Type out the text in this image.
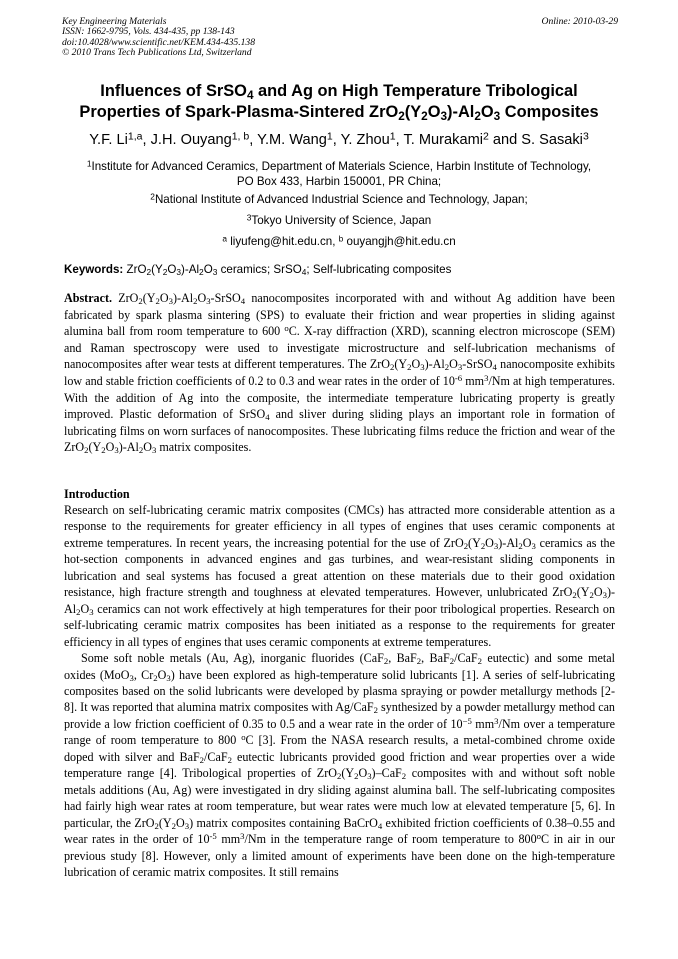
Key Engineering Materials
ISSN: 1662-9795, Vols. 434-435, pp 138-143
doi:10.4028/www.scientific.net/KEM.434-435.138
© 2010 Trans Tech Publications Ltd, Switzerland
Online: 2010-03-29
Influences of SrSO$_4$ and Ag on High Temperature Tribological
Properties of Spark-Plasma-Sintered $ZrO_2(Y_2O_3)-Al_2O_3$ Composites
Y.F. Li$^{1,a}$, J.H. Ouyang$^{1, b}$, Y.M. Wang$^1$, Y. Zhou$^1$, T. Murakami$^2$ and S. Sasaki$^3$
$^1$Institute for Advanced Ceramics, Department of Materials Science, Harbin Institute of Technology,
PO Box 433, Harbin 150001, PR China;
$^2$National Institute of Advanced Industrial Science and Technology, Japan;
$^3$Tokyo University of Science, Japan
$^a$ liyufeng@hit.edu.cn, $^b$ ouyangjh@hit.edu.cn
Keywords: $ZrO_2(Y_2O_3)-Al_2O_3$ ceramics; SrSO$_4$; Self-lubricating composites
Abstract. $ZrO_2(Y_2O_3)-Al_2O_3-SrSO_4$ nanocomposites incorporated with and without Ag addition have been fabricated by spark plasma sintering (SPS) to evaluate their friction and wear properties in sliding against alumina ball from room temperature to 600 $^o$C. X-ray diffraction (XRD), scanning electron microscope (SEM) and Raman spectroscopy were used to investigate microstructure and self-lubrication mechanisms of nanocomposites after wear tests at different temperatures. The $ZrO_2(Y_2O_3)-Al_2O_3-SrSO_4$ nanocomposite exhibits low and stable friction coefficients of 0.2 to 0.3 and wear rates in the order of $10^{-6}$ $mm^3/Nm$ at high temperatures. With the addition of Ag into the composite, the intermediate temperature lubricating property is greatly improved. Plastic deformation of SrSO$_4$ and sliver during sliding plays an important role in formation of lubricating films on worn surfaces of nanocomposites. These lubricating films reduce the friction and wear of the $ZrO_2(Y_2O_3)-Al_2O_3$ matrix composites.
Introduction

Research on self-lubricating ceramic matrix composites (CMCs) has attracted more considerable attention as a response to the requirements for greater efficiency in all types of engines that uses ceramic components at extreme temperatures. In recent years, the increasing potential for the use of $ZrO_2(Y_2O_3)-Al_2O_3$ ceramics as the hot-section components in advanced engines and gas turbines, and wear-resistant sliding components in lubrication and seal systems has focused a great attention on these materials due to their good oxidation resistance, high fracture strength and toughness at elevated temperatures. However, unlubricated $ZrO_2(Y_2O_3)-Al_2O_3$ ceramics can not work effectively at high temperatures for their poor tribological properties. Research on self-lubricating ceramic matrix composites has been initiated as a response to the requirements for greater efficiency in all types of engines that uses ceramic components at extreme temperatures.

Some soft noble metals (Au, Ag), inorganic fluorides (CaF$_2$, BaF$_2$, BaF$_2$/CaF$_2$ eutectic) and some metal oxides (MoO$_3$, $Cr_2O_3$) have been explored as high-temperature solid lubricants [1]. A series of self-lubricating composites based on the solid lubricants were developed by plasma spraying or powder metallurgy methods [2-8]. It was reported that alumina matrix composites with Ag/CaF$_2$ synthesized by a powder metallurgy method can provide a low friction coefficient of 0.35 to 0.5 and a wear rate in the order of $10^{-5}$ $mm^3/Nm$ over a temperature range of room temperature to 800 $^o$C [3]. From the NASA research results, a metal-combined chrome oxide doped with silver and BaF$_2$/CaF$_2$ eutectic lubricants provided good friction and wear properties over a wide temperature range [4]. Tribological properties of $ZrO_2(Y_2O_3)-CaF_2$ composites with and without soft noble metals additions (Au, Ag) were investigated in dry sliding against alumina ball. The self-lubricating composites had fairly high wear rates at room temperature, but wear rates were much low at elevated temperature [5, 6]. In particular, the $ZrO_2(Y_2O_3)$ matrix composites containing BaCrO$_4$ exhibited friction coefficients of 0.38–0.55 and wear rates in the order of $10^{-5}$ $mm^3/Nm$ in the temperature range of room temperature to 800$^o$C in air in our previous study [8]. However, only a limited amount of experiments have been done on the high-temperature lubrication of ceramic matrix composites. It still remains
